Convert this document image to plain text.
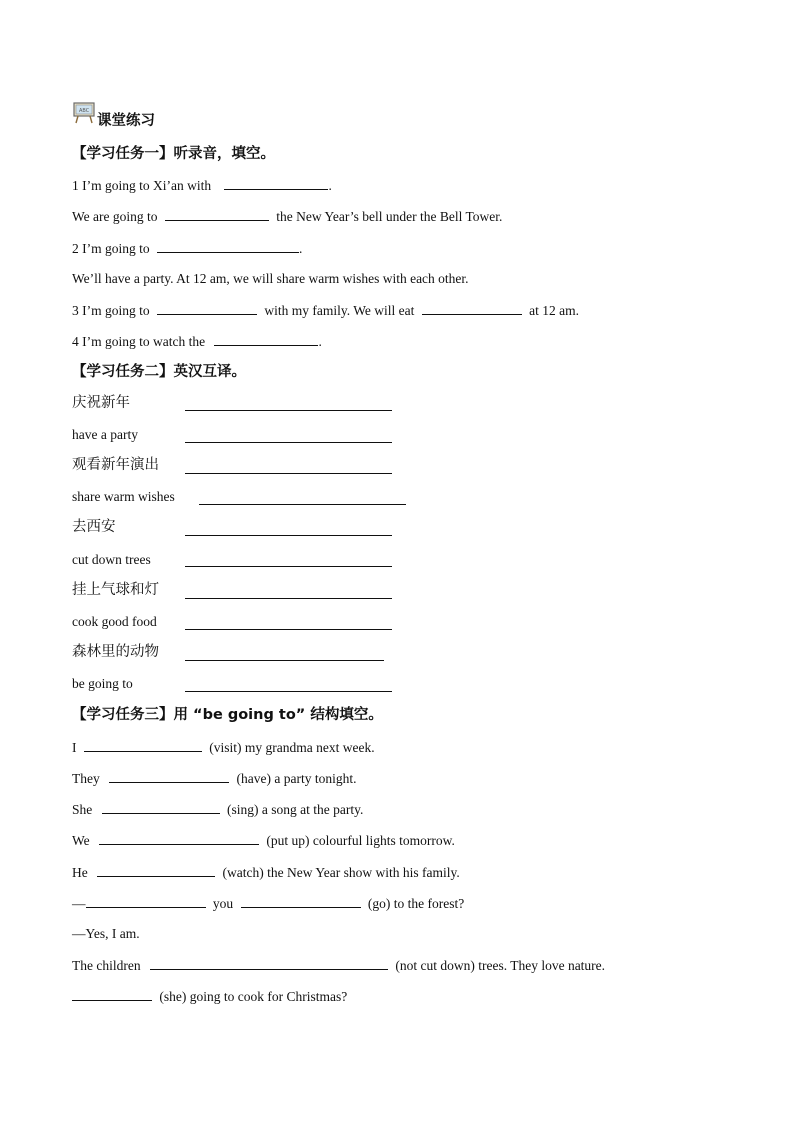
ABC
课堂练习
【学习任务一】听录音，填空。
1 I’m going to Xi’an with	.
We are going to	the New Year’s bell under the Bell Tower.
2 I’m going to	.
We’ll have a party. At 12 am, we will share warm wishes with each other.
3 I’m going to	with my family. We will eat	at 12 am.
4 I’m going to watch the	.
【学习任务二】英汉互译。
庆祝新年
have a party
观看新年演出
share warm wishes
去西安
cut down trees
挂上气球和灯
cook good food
森林里的动物
be going to
【学习任务三】用 “be going to” 结构填空。
I	(visit) my grandma next week.
They	(have) a party tonight.
She	(sing) a song at the party.
We	(put up) colourful lights tomorrow.
He	(watch) the New Year show with his family.
—	you	(go) to the forest?
—Yes, I am.
The children	(not cut down) trees. They love nature.
(she) going to cook for Christmas?
